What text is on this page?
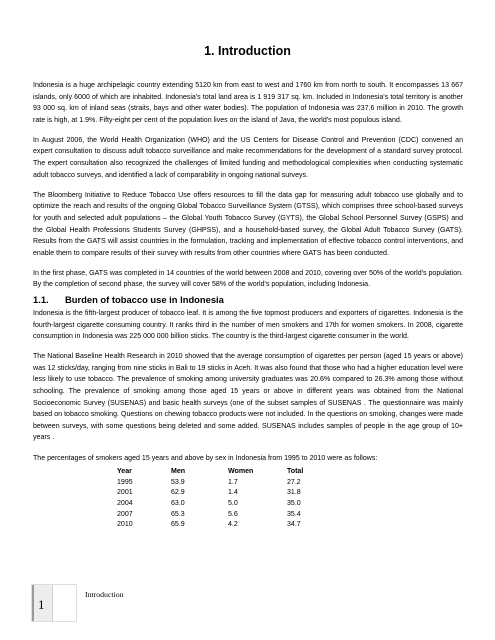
1. Introduction

Indonesia is a huge archipelagic country extending 5120 km from east to west and 1760 km from north to south. It encompasses 13 667 islands, only 6000 of which are inhabited. Indonesia's total land area is 1 919 317 sq. km. Included in Indonesia's total territory is another 93 000 sq. km of inland seas (straits, bays and other water bodies). The population of Indonesia was 237.6 million in 2010. The growth rate is high, at 1.9%. Fifty-eight per cent of the population lives on the island of Java, the world's most populous island.

In August 2006, the World Health Organization (WHO) and the US Centers for Disease Control and Prevention (CDC) convened an expert consultation to discuss adult tobacco surveillance and make recommendations for the development of a standard survey protocol. The expert consultation also recognized the challenges of limited funding and methodological complexities when conducting systematic adult tobacco surveys, and identified a lack of comparability in ongoing national surveys.

The Bloomberg Initiative to Reduce Tobacco Use offers resources to fill the data gap for measuring adult tobacco use globally and to optimize the reach and results of the ongoing Global Tobacco Surveillance System (GTSS), which comprises three school-based surveys for youth and selected adult populations – the Global Youth Tobacco Survey (GYTS), the Global School Personnel Survey (GSPS) and the Global Health Professions Students Survey (GHPSS), and a household-based survey, the Global Adult Tobacco Survey (GATS). Results from the GATS will assist countries in the formulation, tracking and implementation of effective tobacco control interventions, and enable them to compare results of their survey with results from other countries where GATS has been conducted.

In the first phase, GATS was completed in 14 countries of the world between 2008 and 2010, covering over 50% of the world's population. By the completion of second phase, the survey will cover 58% of the world's population, including Indonesia.

1.1. Burden of tobacco use in Indonesia

Indonesia is the fifth-largest producer of tobacco leaf. It is among the five topmost producers and exporters of cigarettes. Indonesia is the fourth-largest cigarette consuming country. It ranks third in the number of men smokers and 17th for women smokers. In 2008, cigarette consumption in Indonesia was 225 000 000 billion sticks. The country is the third-largest cigarette consumer in the world.

The National Baseline Health Research in 2010 showed that the average consumption of cigarettes per person (aged 15 years or above) was 12 sticks/day, ranging from nine sticks in Bali to 19 sticks in Aceh. It was also found that those who had a higher education level were less likely to use tobacco. The prevalence of smoking among university graduates was 20.6% compared to 26.3% among those without schooling. The prevalence of smoking among those aged 15 years or above in different years was obtained from the National Socioeconomic Survey (SUSENAS) and basic health surveys (one of the subset samples of SUSENAS . The questionnaire was mainly based on tobacco smoking. Questions on chewing tobacco products were not included. In the questions on smoking, changes were made between surveys, with some questions being deleted and some added. SUSENAS includes samples of people in the age group of 10+ years .

The percentages of smokers aged 15 years and above by sex in Indonesia from 1995 to 2010 were as follows:

Year	Men	Women	Total
1995	53.9	1.7	27.2
2001	62.9	1.4	31.8
2004	63.0	5.0	35.0
2007	65.3	5.6	35.4
2010	65.9	4.2	34.7
1
Introduction
